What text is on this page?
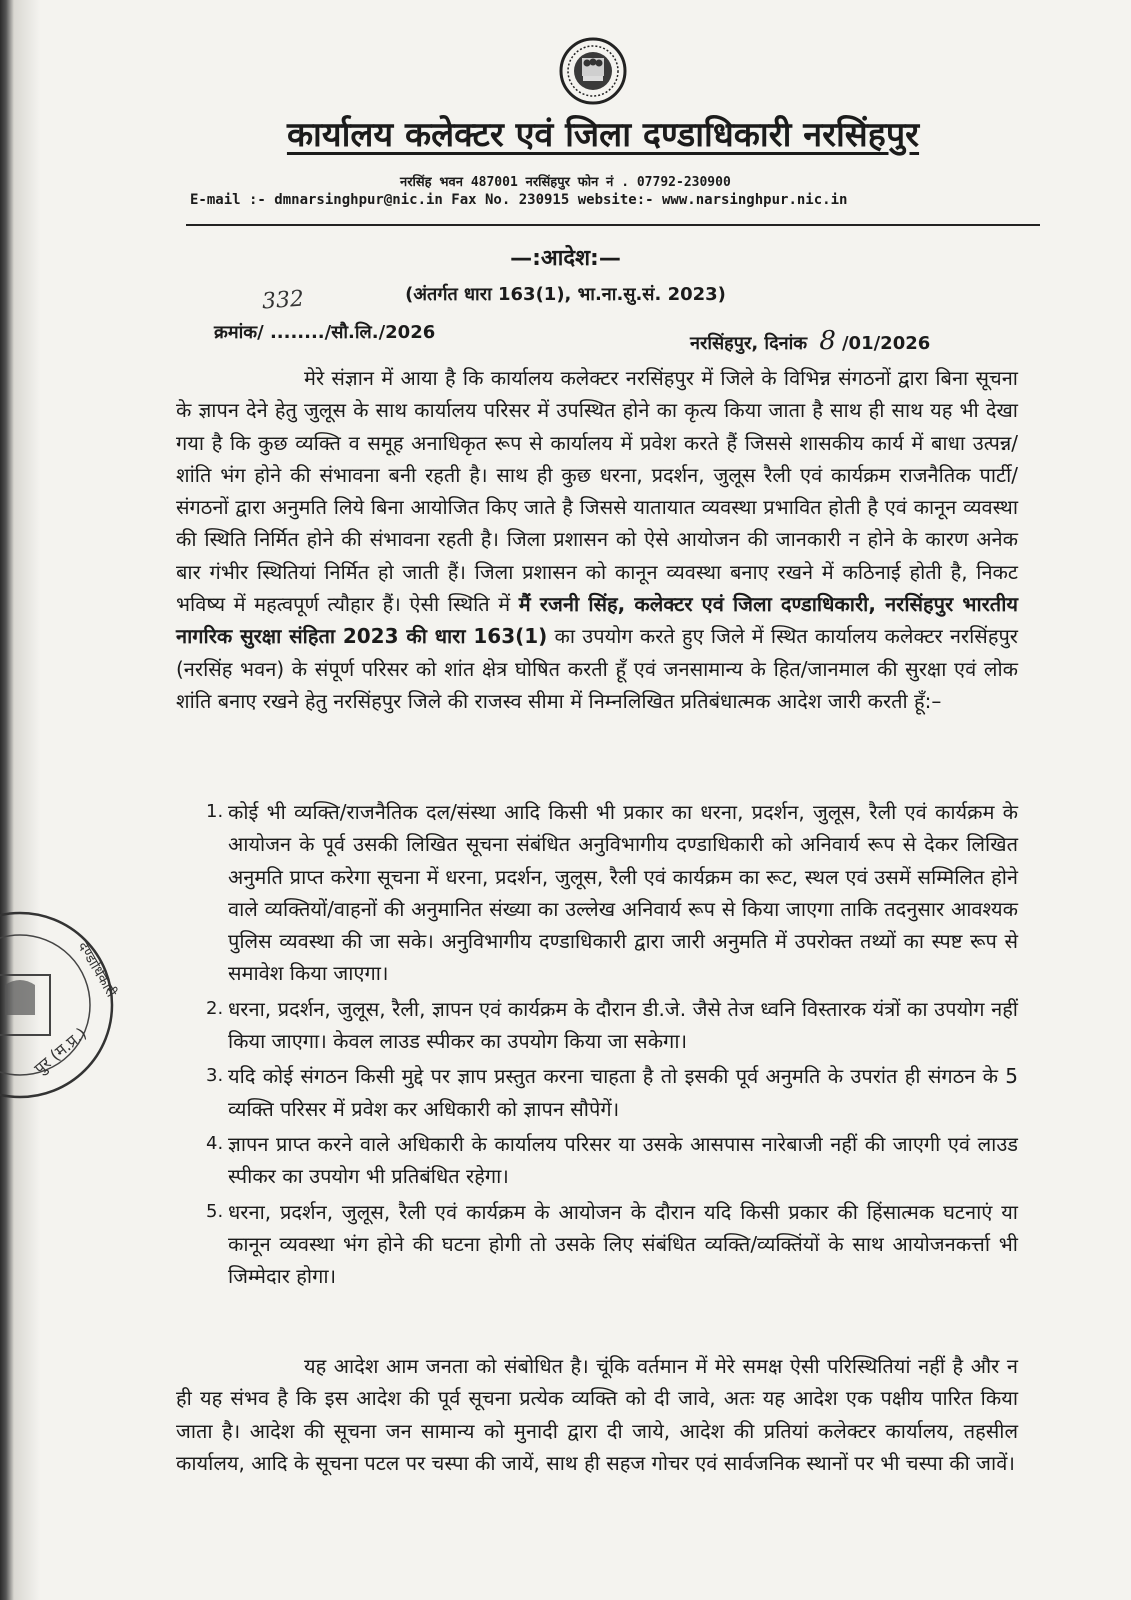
कार्यालय कलेक्टर एवं जिला दण्डाधिकारी नरसिंहपुर
नरसिंह भवन 487001 नरसिंहपुर फोन नं . 07792-230900
E-mail :- dmnarsinghpur@nic.in Fax No. 230915 website:- www.narsinghpur.nic.in
—:आदेश:—
(अंतर्गत धारा 163(1), भा.ना.सु.सं. 2023)
332
क्रमांक/ ......../सौ.लि./2026
नरसिंहपुर, दिनांक 8 /01/2026
मेरे संज्ञान में आया है कि कार्यालय कलेक्टर नरसिंहपुर में जिले के विभिन्न संगठनों द्वारा बिना सूचना के ज्ञापन देने हेतु जुलूस के साथ कार्यालय परिसर में उपस्थित होने का कृत्य किया जाता है साथ ही साथ यह भी देखा गया है कि कुछ व्यक्ति व समूह अनाधिकृत रूप से कार्यालय में प्रवेश करते हैं जिससे शासकीय कार्य में बाधा उत्पन्न/शांति भंग होने की संभावना बनी रहती है। साथ ही कुछ धरना, प्रदर्शन, जुलूस रैली एवं कार्यक्रम राजनैतिक पार्टी/संगठनों द्वारा अनुमति लिये बिना आयोजित किए जाते है जिससे यातायात व्यवस्था प्रभावित होती है एवं कानून व्यवस्था की स्थिति निर्मित होने की संभावना रहती है। जिला प्रशासन को ऐसे आयोजन की जानकारी न होने के कारण अनेक बार गंभीर स्थितियां निर्मित हो जाती हैं। जिला प्रशासन को कानून व्यवस्था बनाए रखने में कठिनाई होती है, निकट भविष्य में महत्वपूर्ण त्यौहार हैं। ऐसी स्थिति में मैं रजनी सिंह, कलेक्टर एवं जिला दण्डाधिकारी, नरसिंहपुर भारतीय नागरिक सुरक्षा संहिता 2023 की धारा 163(1) का उपयोग करते हुए जिले में स्थित कार्यालय कलेक्टर नरसिंहपुर (नरसिंह भवन) के संपूर्ण परिसर को शांत क्षेत्र घोषित करती हूँ एवं जनसामान्य के हित/जानमाल की सुरक्षा एवं लोक शांति बनाए रखने हेतु नरसिंहपुर जिले की राजस्व सीमा में निम्नलिखित प्रतिबंधात्मक आदेश जारी करती हूँ:–
1. कोई भी व्यक्ति/राजनैतिक दल/संस्था आदि किसी भी प्रकार का धरना, प्रदर्शन, जुलूस, रैली एवं कार्यक्रम के आयोजन के पूर्व उसकी लिखित सूचना संबंधित अनुविभागीय दण्डाधिकारी को अनिवार्य रूप से देकर लिखित अनुमति प्राप्त करेगा सूचना में धरना, प्रदर्शन, जुलूस, रैली एवं कार्यक्रम का रूट, स्थल एवं उसमें सम्मिलित होने वाले व्यक्तियों/वाहनों की अनुमानित संख्या का उल्लेख अनिवार्य रूप से किया जाएगा ताकि तदनुसार आवश्यक पुलिस व्यवस्था की जा सके। अनुविभागीय दण्डाधिकारी द्वारा जारी अनुमति में उपरोक्त तथ्यों का स्पष्ट रूप से समावेश किया जाएगा।
2. धरना, प्रदर्शन, जुलूस, रैली, ज्ञापन एवं कार्यक्रम के दौरान डी.जे. जैसे तेज ध्वनि विस्तारक यंत्रों का उपयोग नहीं किया जाएगा। केवल लाउड स्पीकर का उपयोग किया जा सकेगा।
3. यदि कोई संगठन किसी मुद्दे पर ज्ञाप प्रस्तुत करना चाहता है तो इसकी पूर्व अनुमति के उपरांत ही संगठन के 5 व्यक्ति परिसर में प्रवेश कर अधिकारी को ज्ञापन सौपेगें।
4. ज्ञापन प्राप्त करने वाले अधिकारी के कार्यालय परिसर या उसके आसपास नारेबाजी नहीं की जाएगी एवं लाउड स्पीकर का उपयोग भी प्रतिबंधित रहेगा।
5. धरना, प्रदर्शन, जुलूस, रैली एवं कार्यक्रम के आयोजन के दौरान यदि किसी प्रकार की हिंसात्मक घटनाएं या कानून व्यवस्था भंग होने की घटना होगी तो उसके लिए संबंधित व्यक्ति/व्यक्तिंयों के साथ आयोजनकर्त्ता भी जिम्मेदार होगा।
यह आदेश आम जनता को संबोधित है। चूंकि वर्तमान में मेरे समक्ष ऐसी परिस्थितियां नहीं है और न ही यह संभव है कि इस आदेश की पूर्व सूचना प्रत्येक व्यक्ति को दी जावे, अतः यह आदेश एक पक्षीय पारित किया जाता है। आदेश की सूचना जन सामान्य को मुनादी द्वारा दी जाये, आदेश की प्रतियां कलेक्टर कार्यालय, तहसील कार्यालय, आदि के सूचना पटल पर चस्पा की जायें, साथ ही सहज गोचर एवं सार्वजनिक स्थानों पर भी चस्पा की जावें।
दण्डाधिकारी
पुर (म.प्र.)
